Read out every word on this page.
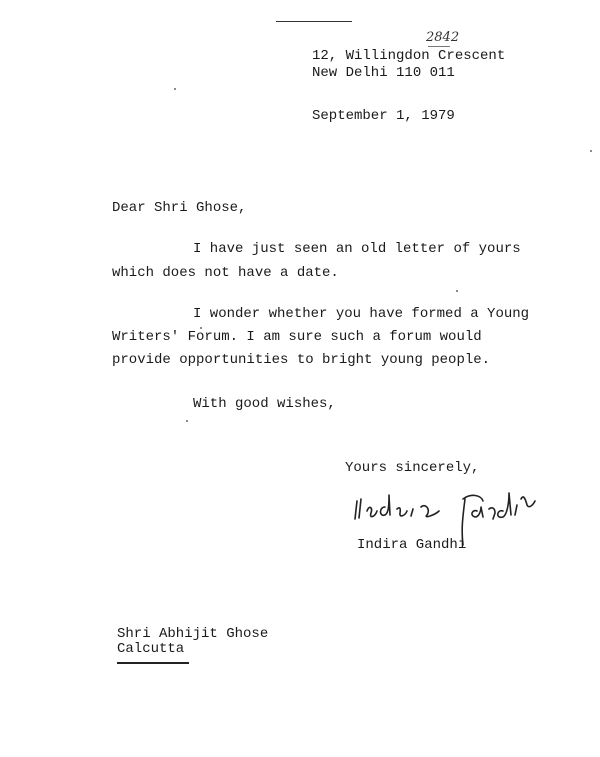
2842
12, Willingdon Crescent
New Delhi 110 011
September 1, 1979
Dear Shri Ghose,
I have just seen an old letter of yours
which does not have a date.
I wonder whether you have formed a Young
Writers' Forum. I am sure such a forum would
provide opportunities to bright young people.
With good wishes,
Yours sincerely,
Indira Gandhi
Shri Abhijit Ghose
Calcutta
